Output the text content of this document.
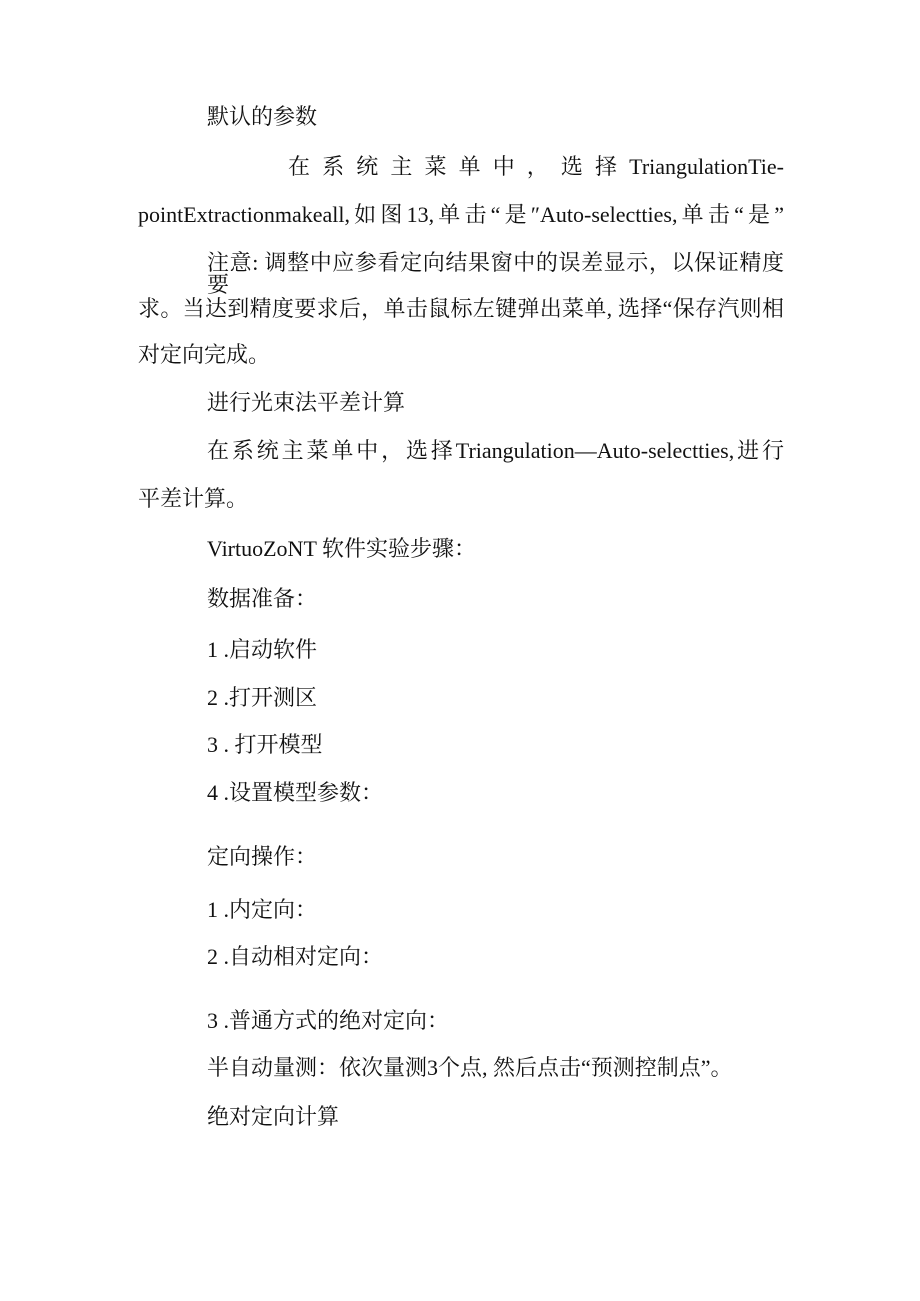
默认的参数

在 系 统 主 菜 单 中 ， 选 择 TriangulationTie-

pointExtractionmakeall,如图13,单击“是″Auto-selectties,单击“是”

注意: 调整中应参看定向结果窗中的误差显示，以保证精度要

求。当达到精度要求后，单击鼠标左键弹出菜单, 选择“保存汽则相

对定向完成。

进行光束法平差计算

在系统主菜单中，选择Triangulation—Auto-selectties,进行

平差计算。

VirtuoZoNT 软件实验步骤：

数据准备：

1 .启动软件

2 .打开测区

3 . 打开模型

4 .设置模型参数：

定向操作：

1 .内定向：

2 .自动相对定向：

3 .普通方式的绝对定向：

半自动量测：依次量测3个点, 然后点击“预测控制点”。

绝对定向计算
